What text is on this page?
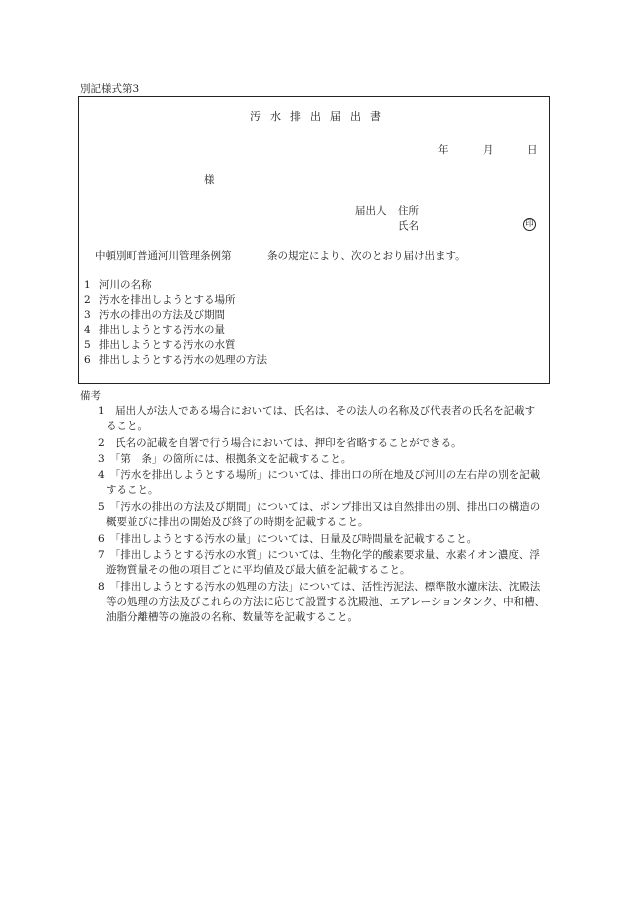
別記様式第3
汚水排出届出書
年	月	日
様
届出人 住所
氏名	印
中頓別町普通河川管理条例第	条の規定により、次のとおり届け出ます。
1 河川の名称
2 汚水を排出しようとする場所
3 汚水の排出の方法及び期間
4 排出しようとする汚水の量
5 排出しようとする汚水の水質
6 排出しようとする汚水の処理の方法
備考
1　届出人が法人である場合においては、氏名は、その法人の名称及び代表者の氏名を記載す
ること。
2　氏名の記載を自署で行う場合においては、押印を省略することができる。
3　「第　条」の箇所には、根拠条文を記載すること。
4　「汚水を排出しようとする場所」については、排出口の所在地及び河川の左右岸の別を記載
すること。
5　「汚水の排出の方法及び期間」については、ポンプ排出又は自然排出の別、排出口の構造の
概要並びに排出の開始及び終了の時期を記載すること。
6　「排出しようとする汚水の量」については、日量及び時間量を記載すること。
7　「排出しようとする汚水の水質」については、生物化学的酸素要求量、水素イオン濃度、浮
遊物質量その他の項目ごとに平均値及び最大値を記載すること。
8　「排出しようとする汚水の処理の方法」については、活性汚泥法、標準散水濾床法、沈殿法
等の処理の方法及びこれらの方法に応じて設置する沈殿池、エアレーションタンク、中和槽、
油脂分離槽等の施設の名称、数量等を記載すること。
